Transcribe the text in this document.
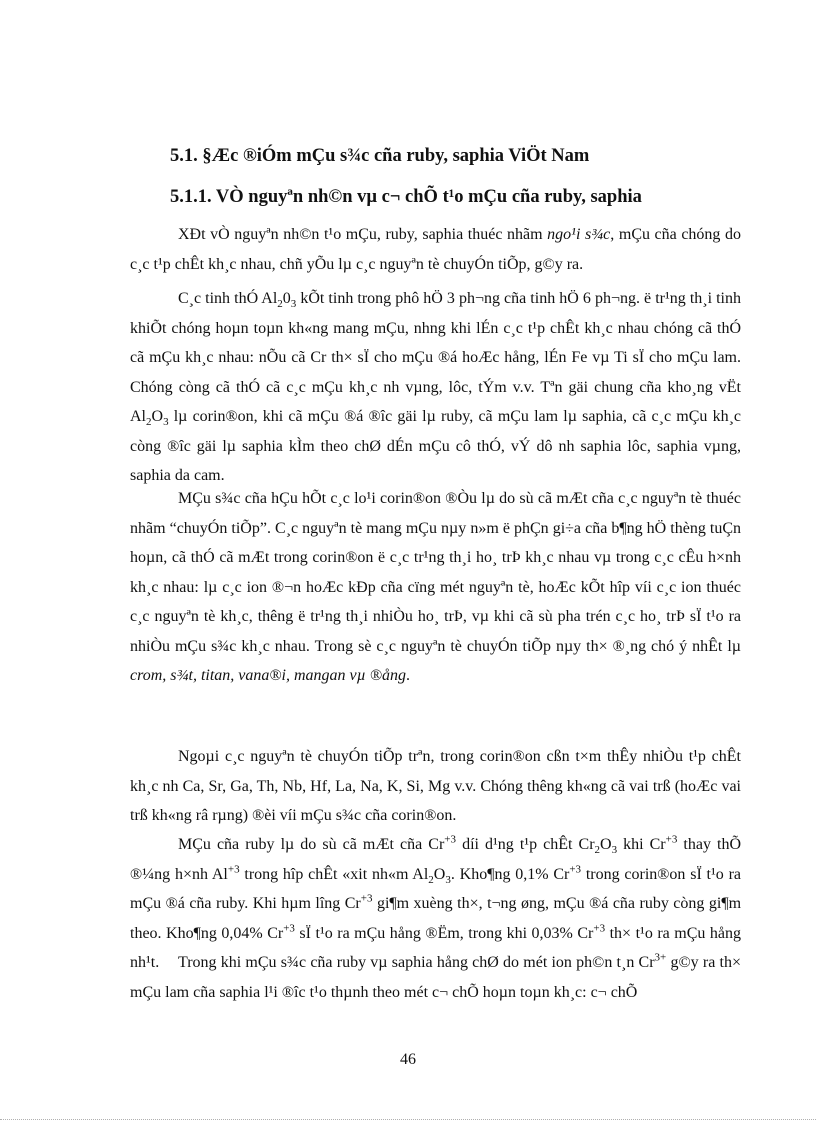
5.1. §Æc ®iÓm mÇu s¾c cña ruby, saphia ViÖt Nam
5.1.1. VÒ nguyªn nh©n vµ c¬ chÕ t¹o mÇu cña ruby, saphia

XÐt vÒ nguyªn nh©n t¹o mÇu, ruby, saphia thuéc nhãm ngo¹i s¾c, mÇu cña chóng do c¸c t¹p chÊt kh¸c nhau, chñ yÕu lµ c¸c nguyªn tè chuyÓn tiÕp, g©y ra.

C¸c tinh thÓ $Al_20_3$ kÕt tinh trong phô hÖ 3 ph¬ng cña tinh hÖ 6 ph¬ng. ë tr¹ng th¸i tinh khiÕt chóng hoµn toµn kh«ng mang mÇu, nhng khi lÉn c¸c t¹p chÊt kh¸c nhau chóng cã thÓ cã mÇu kh¸c nhau: nÕu cã Cr th× sÏ cho mÇu ®á hoÆc hång, lÉn Fe vµ Ti sÏ cho mÇu lam. Chóng còng cã thÓ cã c¸c mÇu kh¸c nh vµng, lôc, tÝm v.v. Tªn gäi chung cña kho¸ng vËt $Al_2O_3$ lµ corin®on, khi cã mÇu ®á ®îc gäi lµ ruby, cã mÇu lam lµ saphia, cã c¸c mÇu kh¸c còng ®îc gäi lµ saphia kÌm theo chØ dÉn mÇu cô thÓ, vÝ dô nh saphia lôc, saphia vµng, saphia da cam.

MÇu s¾c cña hÇu hÕt c¸c lo¹i corin®on ®Òu lµ do sù cã mÆt cña c¸c nguyªn tè thuéc nhãm “chuyÓn tiÕp”. C¸c nguyªn tè mang mÇu nµy n»m ë phÇn gi÷a cña b¶ng hÖ thèng tuÇn hoµn, cã thÓ cã mÆt trong corin®on ë c¸c tr¹ng th¸i ho¸ trÞ kh¸c nhau vµ trong c¸c cÊu h×nh kh¸c nhau: lµ c¸c ion ®¬n hoÆc kÐp cña cïng mét nguyªn tè, hoÆc kÕt hîp víi c¸c ion thuéc c¸c nguyªn tè kh¸c, thêng ë tr¹ng th¸i nhiÒu ho¸ trÞ, vµ khi cã sù pha trén c¸c ho¸ trÞ sÏ t¹o ra nhiÒu mÇu s¾c kh¸c nhau. Trong sè c¸c nguyªn tè chuyÓn tiÕp nµy th× ®¸ng chó ý nhÊt lµ crom, s¾t, titan, vana®i, mangan vµ ®ång.

Ngoµi c¸c nguyªn tè chuyÓn tiÕp trªn, trong corin®on cßn t×m thÊy nhiÒu t¹p chÊt kh¸c nh Ca, Sr, Ga, Th, Nb, Hf, La, Na, K, Si, Mg v.v. Chóng thêng kh«ng cã vai trß (hoÆc vai trß kh«ng râ rµng) ®èi víi mÇu s¾c cña corin®on.

MÇu cña ruby lµ do sù cã mÆt cña $Cr^{+3}$ díi d¹ng t¹p chÊt $Cr_2O_3$ khi $Cr^{+3}$ thay thÕ ®¼ng h×nh $Al^{+3}$ trong hîp chÊt «xit nh«m $Al_2O_3$. Kho¶ng 0,1% $Cr^{+3}$ trong corin®on sÏ t¹o ra mÇu ®á cña ruby. Khi hµm lîng $Cr^{+3}$ gi¶m xuèng th×, t¬ng øng, mÇu ®á cña ruby còng gi¶m theo. Kho¶ng 0,04% $Cr^{+3}$ sÏ t¹o ra mÇu hång ®Ëm, trong khi 0,03% $Cr^{+3}$ th× t¹o ra mÇu hång nh¹t.	Trong khi mÇu s¾c cña ruby vµ saphia hång chØ do mét ion ph©n t¸n $Cr^{3+}$ g©y ra th× mÇu lam cña saphia l¹i ®îc t¹o thµnh theo mét c¬ chÕ hoµn toµn kh¸c: c¬ chÕ

46
